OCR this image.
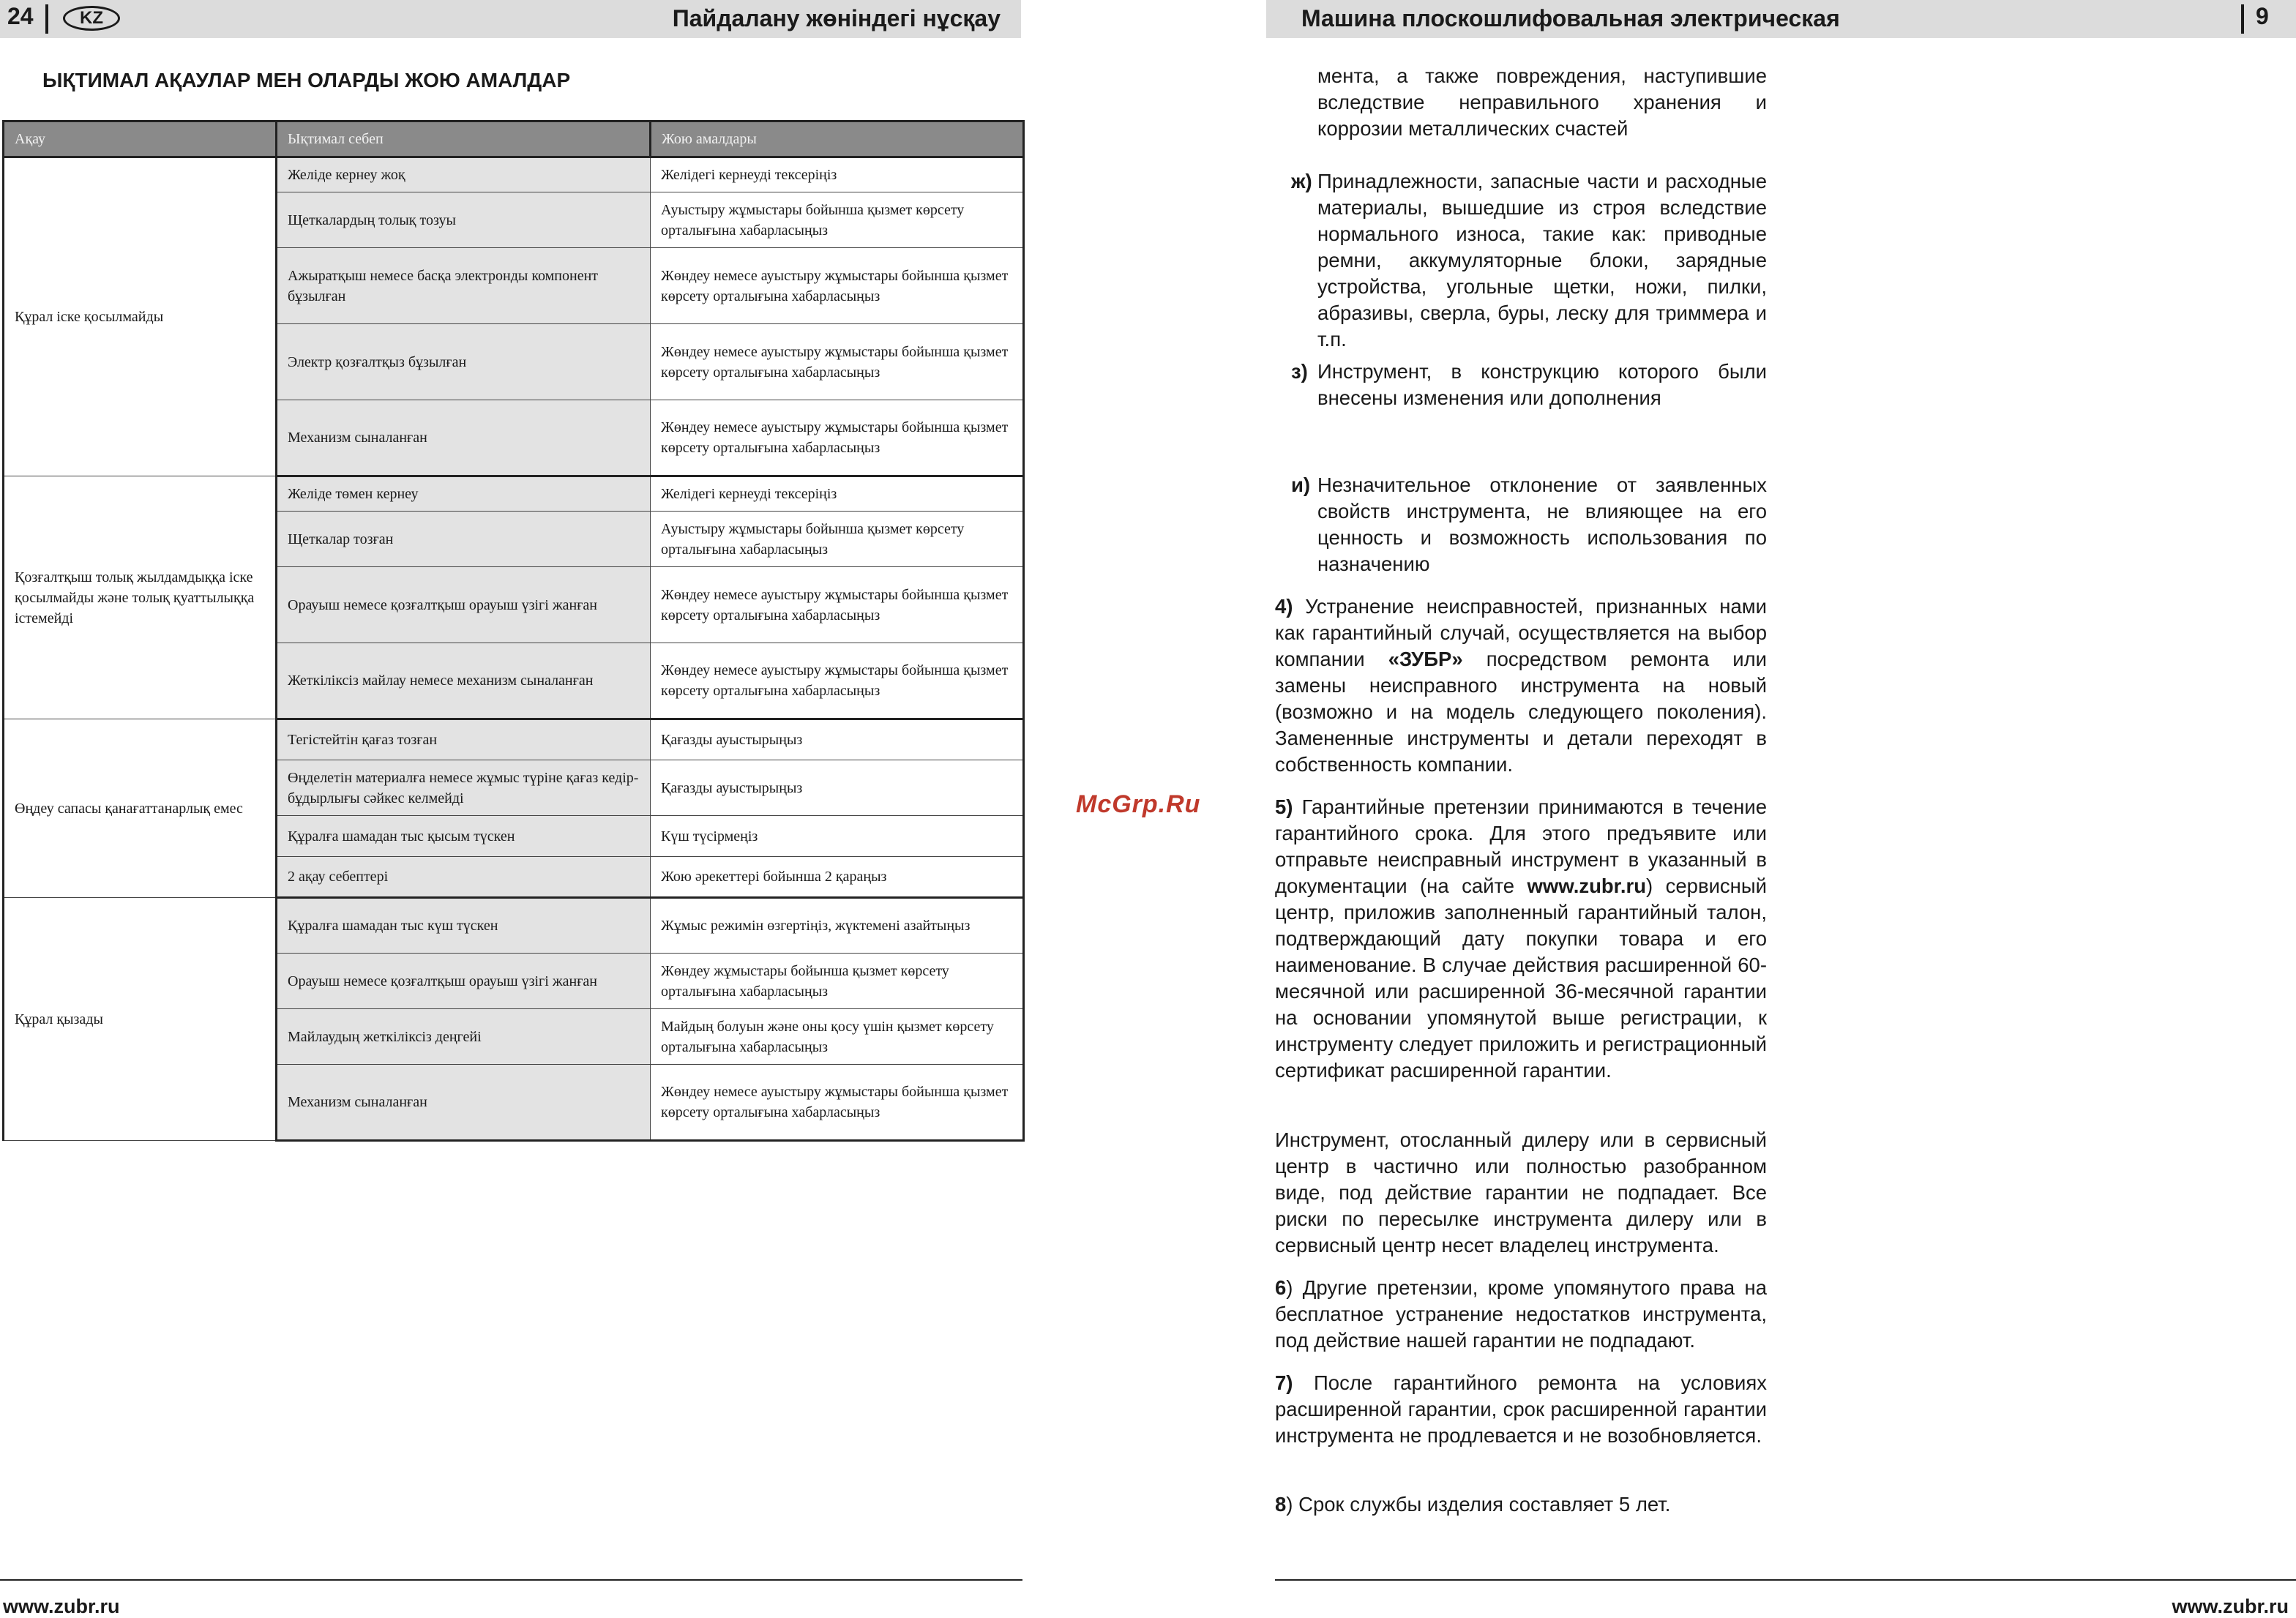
24	KZ	Пайдалану жөніндегі нұсқау
ЫҚТИМАЛ АҚАУЛАР МЕН ОЛАРДЫ ЖОЮ АМАЛДАР
Ақау	Ықтимал себеп	Жою амалдары
Құрал іске қосылмайды	Желіде кернеу жоқ	Желідегі кернеуді тексеріңіз
	Щеткалардың толық тозуы	Ауыстыру жұмыстары бойынша қызмет көрсету орталығына хабарласыңыз
	Ажыратқыш немесе басқа электронды компонент бұзылған	Жөндеу немесе ауыстыру жұмыстары бойынша қызмет көрсету орталығына хабарласыңыз
	Электр қозғалтқыз бұзылған	Жөндеу немесе ауыстыру жұмыстары бойынша қызмет көрсету орталығына хабарласыңыз
	Механизм сыналанған	Жөндеу немесе ауыстыру жұмыстары бойынша қызмет көрсету орталығына хабарласыңыз
Қозғалтқыш толық жылдамдыққа іске қосылмайды және толық қуаттылыққа істемейді	Желіде төмен кернеу	Желідегі кернеуді тексеріңіз
	Щеткалар тозған	Ауыстыру жұмыстары бойынша қызмет көрсету орталығына хабарласыңыз
	Орауыш немесе қозғалтқыш орауыш үзігі жанған	Жөндеу немесе ауыстыру жұмыстары бойынша қызмет көрсету орталығына хабарласыңыз
	Жеткіліксіз майлау немесе механизм сыналанған	Жөндеу немесе ауыстыру жұмыстары бойынша қызмет көрсету орталығына хабарласыңыз
Өңдеу сапасы қанағаттанарлық емес	Тегістейтін қағаз тозған	Қағазды ауыстырыңыз
	Өңделетін материалға немесе жұмыс түріне қағаз кедір-бұдырлығы сәйкес келмейді	Қағазды ауыстырыңыз
	Құралға шамадан тыс қысым түскен	Күш түсірмеңіз
	2 ақау себептері	Жою әрекеттері бойынша 2 қараңыз
Құрал қызады	Құралға шамадан тыс күш түскен	Жұмыс режимін өзгертіңіз, жүктемені азайтыңыз
	Орауыш немесе қозғалтқыш орауыш үзігі жанған	Жөндеу жұмыстары бойынша қызмет көрсету орталығына хабарласыңыз
	Майлаудың жеткіліксіз деңгейі	Майдың болуын және оны қосу үшін қызмет көрсету орталығына хабарласыңыз
	Механизм сыналанған	Жөндеу немесе ауыстыру жұмыстары бойынша қызмет көрсету орталығына хабарласыңыз
www.zubr.ru
McGrp.Ru
Машина плоскошлифовальная электрическая	9
мента, а также повреждения, наступившие вследствие неправильного хранения и коррозии металлических счастей
ж) Принадлежности, запасные части и расходные материалы, вышедшие из строя вследствие нормального износа, такие как: приводные ремни, аккумуляторные блоки, зарядные устройства, угольные щетки, ножи, пилки, абразивы, сверла, буры, леску для триммера и т.п.
з) Инструмент, в конструкцию которого были внесены изменения или дополнения
и) Незначительное отклонение от заявленных свойств инструмента, не влияющее на его ценность и возможность использования по назначению
4) Устранение неисправностей, признанных нами как гарантийный случай, осуществляется на выбор компании «ЗУБР» посредством ремонта или замены неисправного инструмента на новый (возможно и на модель следующего поколения). Замененные инструменты и детали переходят в собственность компании.
5) Гарантийные претензии принимаются в течение гарантийного срока. Для этого предъявите или отправьте неисправный инструмент в указанный в документации (на сайте www.zubr.ru) сервисный центр, приложив заполненный гарантийный талон, подтверждающий дату покупки товара и его наименование. В случае действия расширенной 60-месячной или расширенной 36-месячной гарантии на основании упомянутой выше регистрации, к инструменту следует приложить и регистрационный сертификат расширенной гарантии.
Инструмент, отосланный дилеру или в сервисный центр в частично или полностью разобранном виде, под действие гарантии не подпадает. Все риски по пересылке инструмента дилеру или в сервисный центр несет владелец инструмента.
6) Другие претензии, кроме упомянутого права на бесплатное устранение недостатков инструмента, под действие нашей гарантии не подпадают.
7) После гарантийного ремонта на условиях расширенной гарантии, срок расширенной гарантии инструмента не продлевается и не возобновляется.
8) Срок службы изделия составляет 5 лет.
www.zubr.ru
